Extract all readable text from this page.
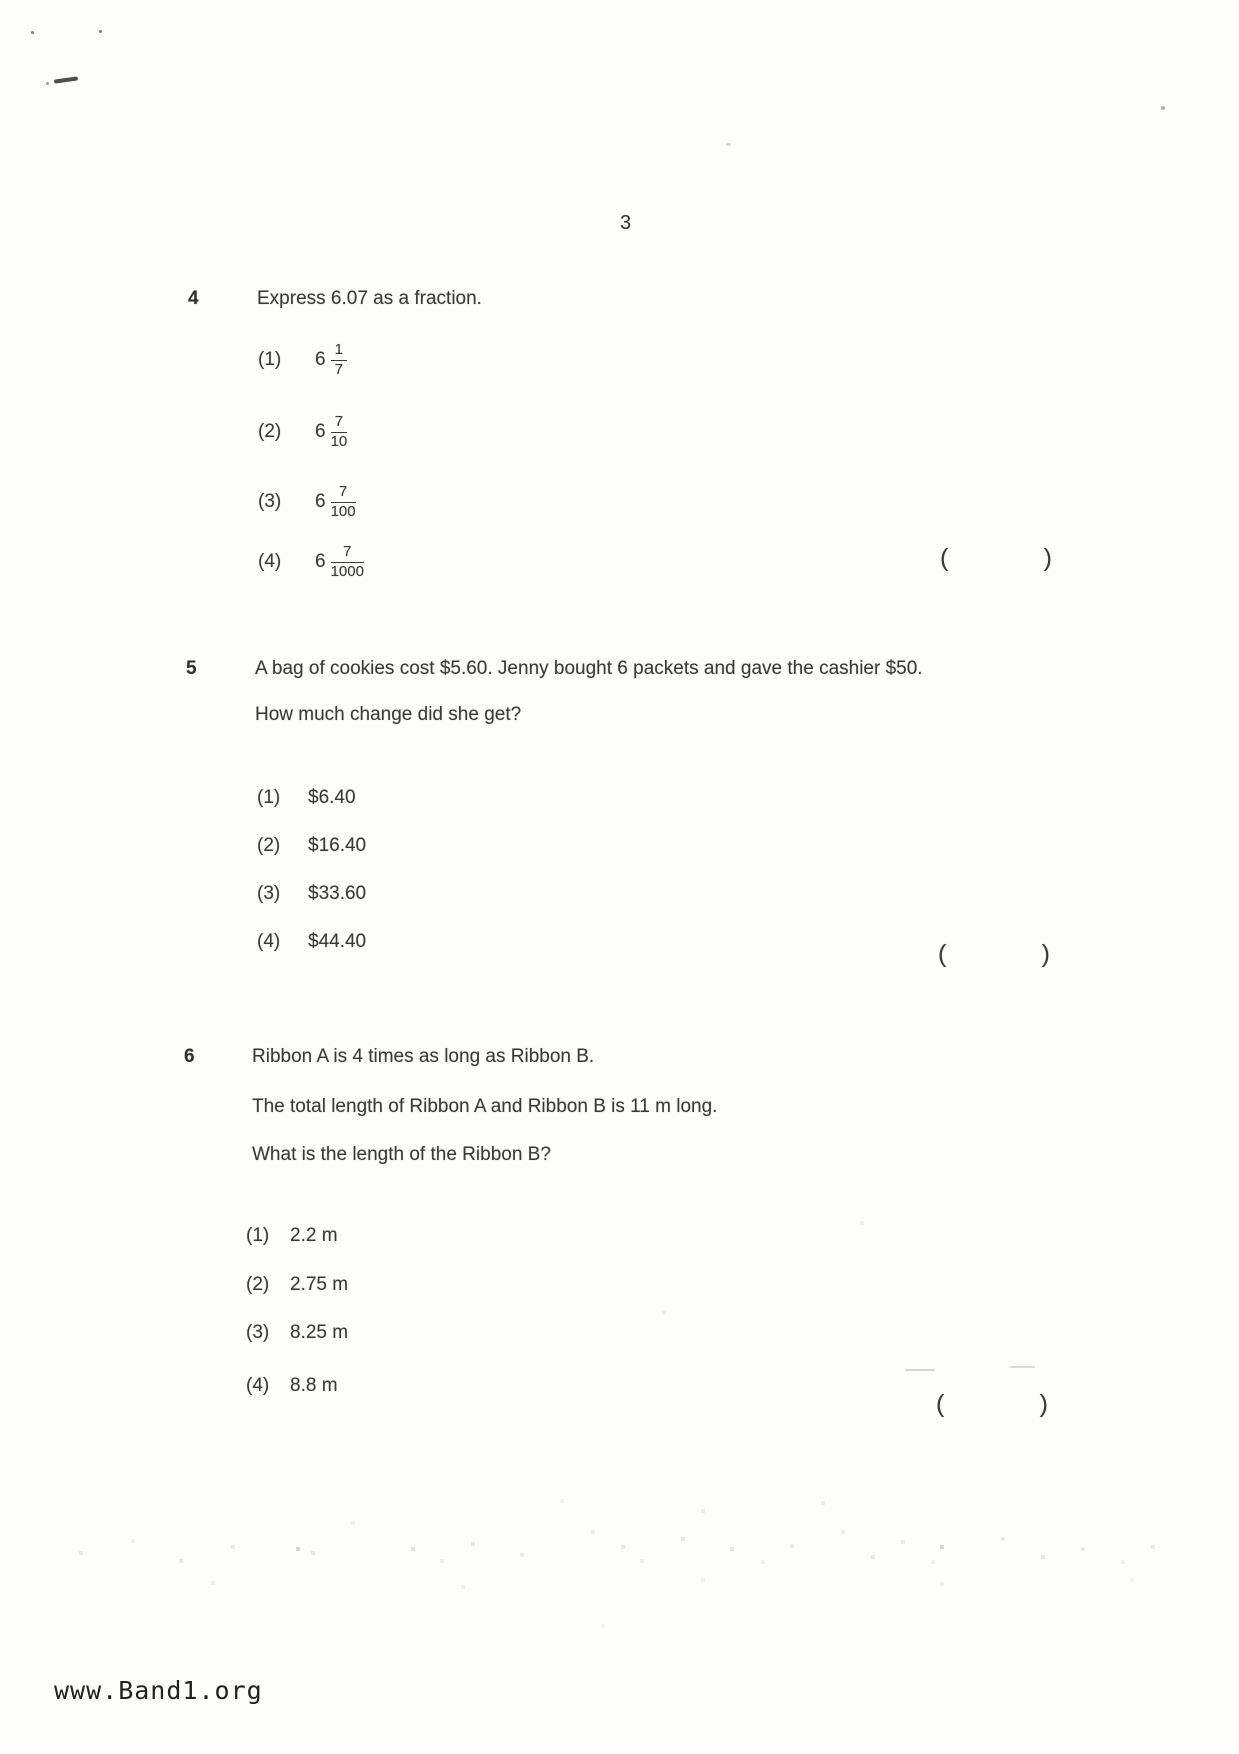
3
4	Express 6.07 as a fraction.
(1)	$6 \frac{1}{7}$
(2)	$6 \frac{7}{10}$
(3)	$6 \frac{7}{100}$
(4)	$6 \frac{7}{1000}$	(	)
5	A bag of cookies cost $5.60. Jenny bought 6 packets and gave the cashier $50.
How much change did she get?
(1)	$6.40
(2)	$16.40
(3)	$33.60
(4)	$44.40	(	)
6	Ribbon A is 4 times as long as Ribbon B.
The total length of Ribbon A and Ribbon B is 11 m long.
What is the length of the Ribbon B?
(1)	2.2 m
(2)	2.75 m
(3)	8.25 m
(4)	8.8 m
(	)
www.Band1.org
